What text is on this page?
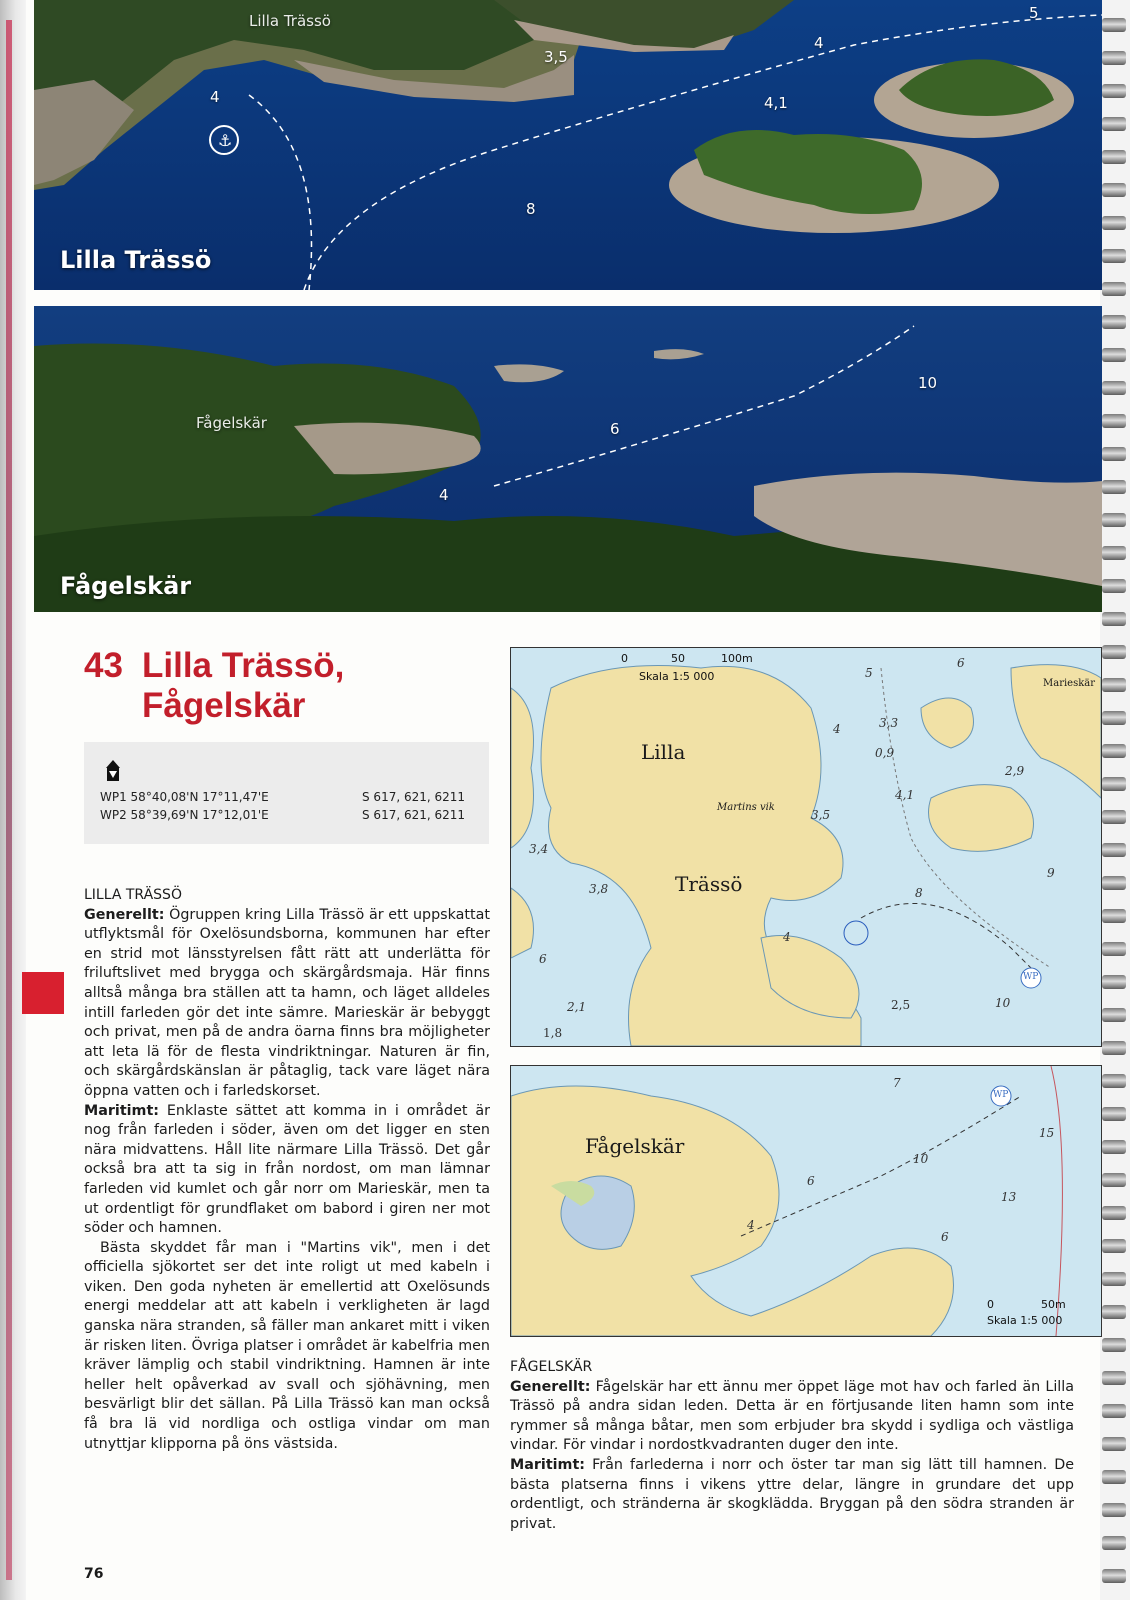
⚓
Lilla Trässö
Lilla Trässö
4
3,5
4
4,1
8
5
Fågelskär
Fågelskär
10
6
4
43 Lilla Trässö,
Fågelskär
WP1 58°40,08'N 17°11,47'E	S 617, 621, 6211
WP2 58°39,69'N 17°12,01'E	S 617, 621, 6211

LILLA TRÄSSÖ

Generellt: Ögruppen kring Lilla Trässö är ett uppskattat utflyktsmål för Oxelösundsborna, kommunen har efter en strid mot länsstyrelsen fått rätt att underlätta för friluftslivet med brygga och skärgårdsmaja. Här finns alltså många bra ställen att ta hamn, och läget alldeles intill farleden gör det inte sämre. Marieskär är bebyggt och privat, men på de andra öarna finns bra möjligheter att leta lä för de flesta vindriktningar. Naturen är fin, och skärgårdskänslan är påtaglig, tack vare läget nära öppna vatten och i farledskorset.

Maritimt: Enklaste sättet att komma in i området är nog från farleden i söder, även om det ligger en sten nära midvattens. Håll lite närmare Lilla Trässö. Det går också bra att ta sig in från nordost, om man lämnar farleden vid kumlet och går norr om Marieskär, men ta ut ordentligt för grundflaket om babord i giren ner mot söder och hamnen.

Bästa skyddet får man i "Martins vik", men i det officiella sjökortet ser det inte roligt ut med kabeln i viken. Den goda nyheten är emellertid att Oxelösunds energi meddelar att att kabeln i verkligheten är lagd ganska nära stranden, så fäller man ankaret mitt i viken är risken liten. Övriga platser i området är kabelfria men kräver lämplig och stabil vindriktning. Hamnen är inte heller helt opåverkad av svall och sjöhävning, men besvärligt blir det sällan. På Lilla Trässö kan man också få bra lä vid nordliga och ostliga vindar om man utnyttjar klipporna på öns västsida.

0	50	100m
Skala 1:5 000
Lilla
Trässö
Martins vik
Marieskär
WP
5
6
4	3,3
0,9
2,9
4,1
3,5
3,4
3,8	8
9
6
2,1
1,8
2,5	10
4
Fågelskär
WP
0	50m
Skala 1:5 000
7
15
10
6
13
6
4

FÅGELSKÄR

Generellt: Fågelskär har ett ännu mer öppet läge mot hav och farled än Lilla Trässö på andra sidan leden. Detta är en förtjusande liten hamn som inte rymmer så många båtar, men som erbjuder bra skydd i sydliga och västliga vindar. För vindar i nordostkvadranten duger den inte.

Maritimt: Från farlederna i norr och öster tar man sig lätt till hamnen. De bästa platserna finns i vikens yttre delar, längre in grundare det upp ordentligt, och stränderna är skogklädda. Bryggan på den södra stranden är privat.

76
